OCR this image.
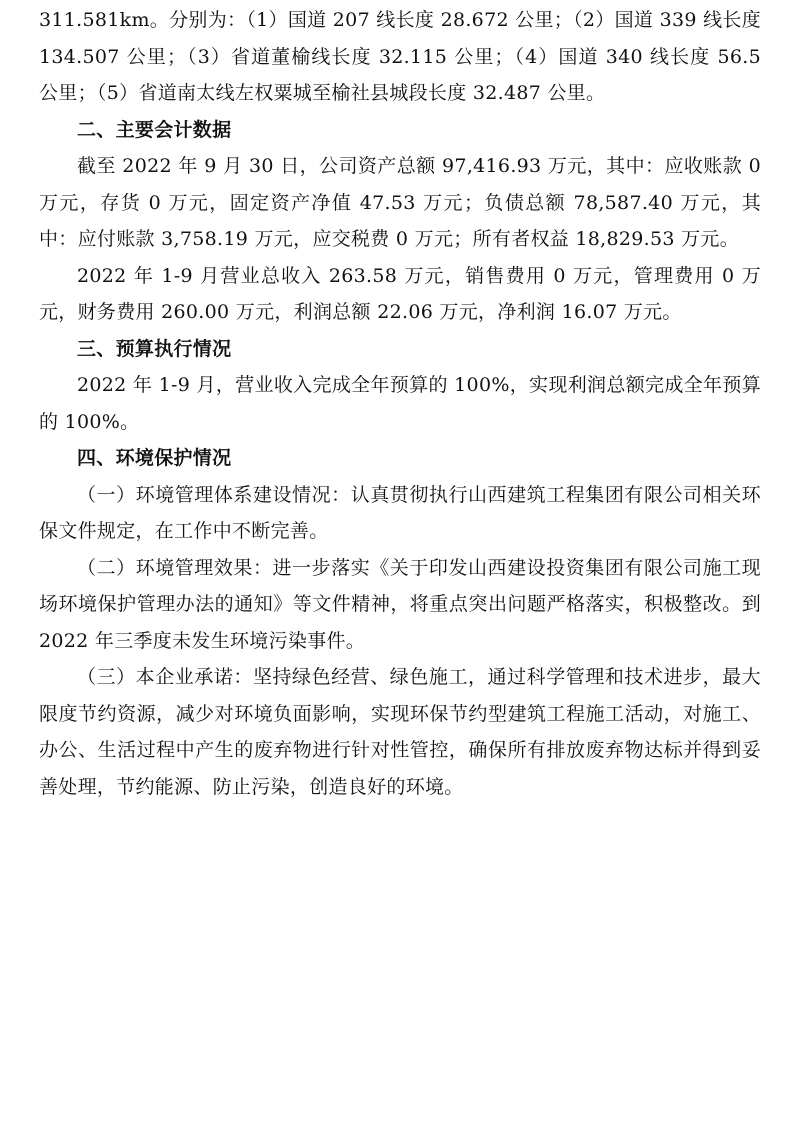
311.581km。分别为：（1）国道 207 线长度 28.672 公里；（2）国道 339 线长度 134.507 公里；（3）省道董榆线长度 32.115 公里；（4）国道 340 线长度 56.5 公里；（5）省道南太线左权粟城至榆社县城段长度 32.487 公里。

二、主要会计数据

截至 2022 年 9 月 30 日，公司资产总额 97,416.93 万元，其中：应收账款 0 万元，存货 0 万元，固定资产净值 47.53 万元；负债总额 78,587.40 万元，其中：应付账款 3,758.19 万元，应交税费 0 万元；所有者权益 18,829.53 万元。

2022 年 1-9 月营业总收入 263.58 万元，销售费用 0 万元，管理费用 0 万元，财务费用 260.00 万元，利润总额 22.06 万元，净利润 16.07 万元。

三、预算执行情况

2022 年 1-9 月，营业收入完成全年预算的 100%，实现利润总额完成全年预算的 100%。

四、环境保护情况

（一）环境管理体系建设情况：认真贯彻执行山西建筑工程集团有限公司相关环保文件规定，在工作中不断完善。

（二）环境管理效果：进一步落实《关于印发山西建设投资集团有限公司施工现场环境保护管理办法的通知》等文件精神，将重点突出问题严格落实，积极整改。到 2022 年三季度未发生环境污染事件。

（三）本企业承诺：坚持绿色经营、绿色施工，通过科学管理和技术进步，最大限度节约资源，减少对环境负面影响，实现环保节约型建筑工程施工活动，对施工、办公、生活过程中产生的废弃物进行针对性管控，确保所有排放废弃物达标并得到妥善处理，节约能源、防止污染，创造良好的环境。
